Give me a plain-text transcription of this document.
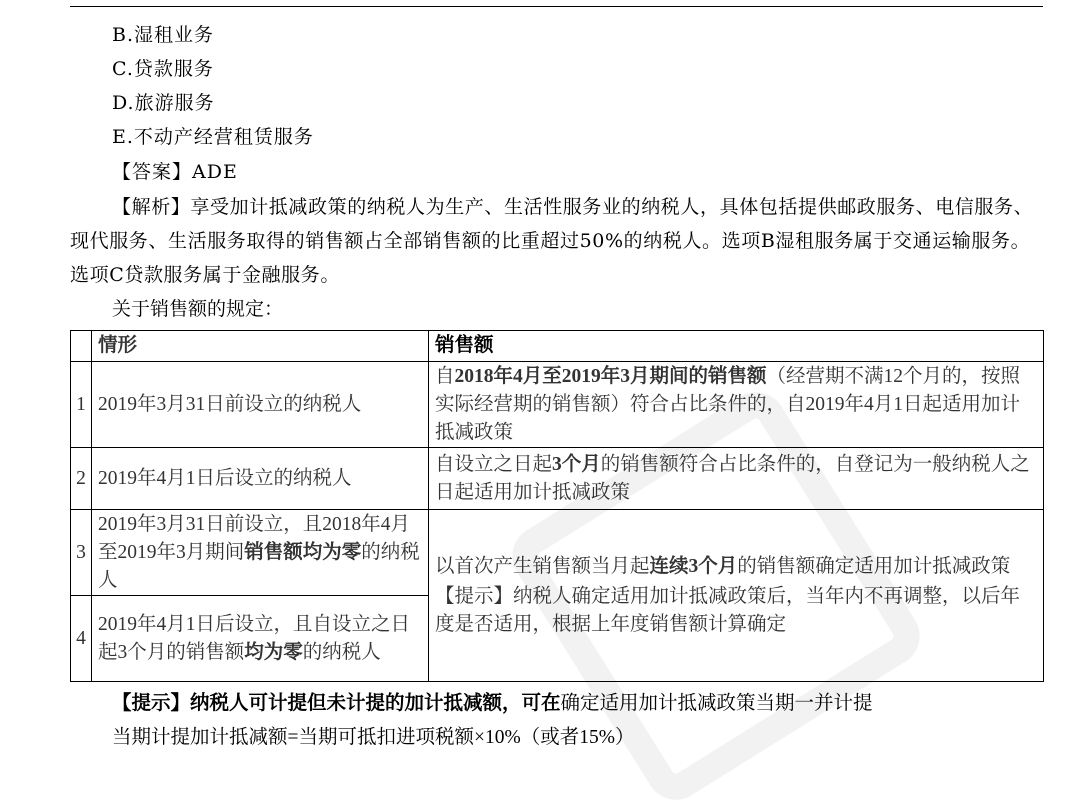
B.湿租业务
C.贷款服务
D.旅游服务
E.不动产经营租赁服务
【答案】ADE
【解析】享受加计抵减政策的纳税人为生产、生活性服务业的纳税人，具体包括提供邮政服务、电信服务、现代服务、生活服务取得的销售额占全部销售额的比重超过50%的纳税人。选项B湿租服务属于交通运输服务。选项C贷款服务属于金融服务。
关于销售额的规定：
	情形	销售额
1	2019年3月31日前设立的纳税人	自2018年4月至2019年3月期间的销售额（经营期不满12个月的，按照实际经营期的销售额）符合占比条件的，自2019年4月1日起适用加计抵减政策
2	2019年4月1日后设立的纳税人	自设立之日起3个月的销售额符合占比条件的，自登记为一般纳税人之日起适用加计抵减政策
3	2019年3月31日前设立，且2018年4月至2019年3月期间销售额均为零的纳税人	以首次产生销售额当月起连续3个月的销售额确定适用加计抵减政策
【提示】纳税人确定适用加计抵减政策后，当年内不再调整，以后年度是否适用，根据上年度销售额计算确定

4	2019年4月1日后设立，且自设立之日起3个月的销售额均为零的纳税人	
【提示】纳税人可计提但未计提的加计抵减额，可在确定适用加计抵减政策当期一并计提
当期计提加计抵减额=当期可抵扣进项税额×10%（或者15%）
